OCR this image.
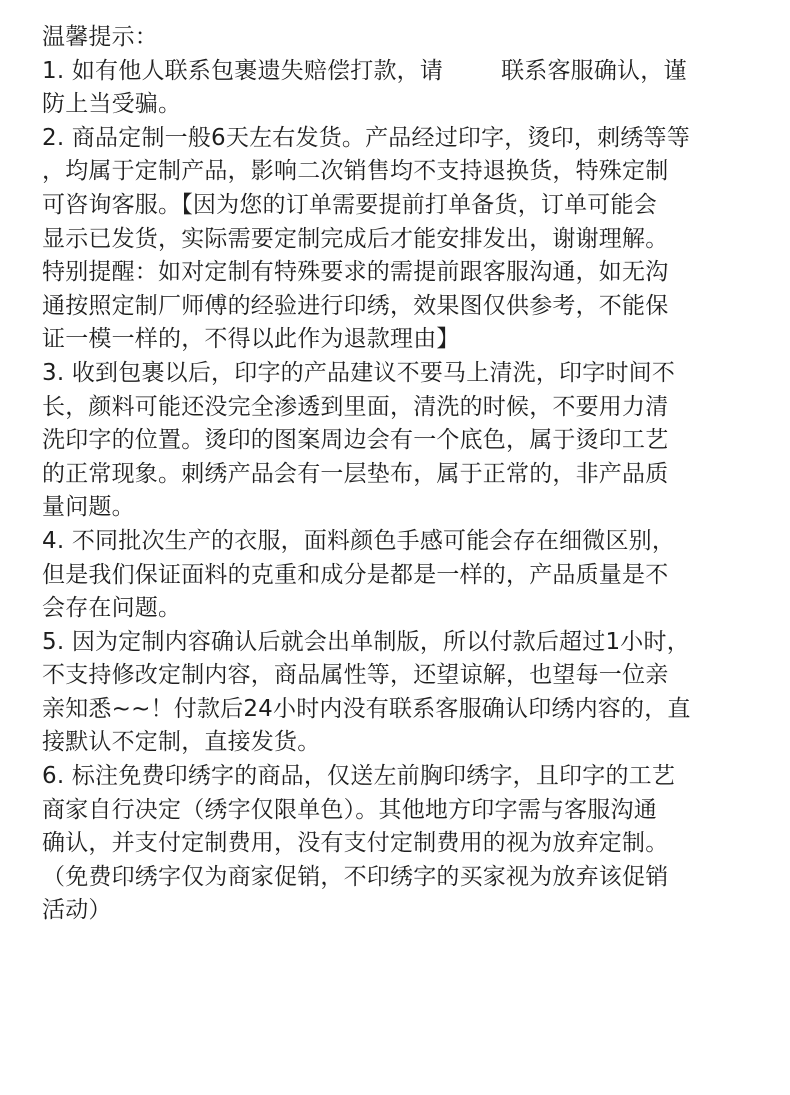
温馨提示：
1. 如有他人联系包裹遗失赔偿打款，请	联系客服确认，谨
防上当受骗。
2. 商品定制一般6天左右发货。产品经过印字，烫印，刺绣等等
，均属于定制产品，影响二次销售均不支持退换货，特殊定制
可咨询客服。【因为您的订单需要提前打单备货，订单可能会
显示已发货，实际需要定制完成后才能安排发出，谢谢理解。
特别提醒：如对定制有特殊要求的需提前跟客服沟通，如无沟
通按照定制厂师傅的经验进行印绣，效果图仅供参考，不能保
证一模一样的，不得以此作为退款理由】
3. 收到包裹以后，印字的产品建议不要马上清洗，印字时间不
长，颜料可能还没完全渗透到里面，清洗的时候，不要用力清
洗印字的位置。烫印的图案周边会有一个底色，属于烫印工艺
的正常现象。刺绣产品会有一层垫布，属于正常的，非产品质
量问题。
4. 不同批次生产的衣服，面料颜色手感可能会存在细微区别，
但是我们保证面料的克重和成分是都是一样的，产品质量是不
会存在问题。
5. 因为定制内容确认后就会出单制版，所以付款后超过1小时，
不支持修改定制内容，商品属性等，还望谅解，也望每一位亲
亲知悉~~！付款后24小时内没有联系客服确认印绣内容的，直
接默认不定制，直接发货。
6. 标注免费印绣字的商品，仅送左前胸印绣字，且印字的工艺
商家自行决定（绣字仅限单色）。其他地方印字需与客服沟通
确认，并支付定制费用，没有支付定制费用的视为放弃定制。
（免费印绣字仅为商家促销，不印绣字的买家视为放弃该促销
活动）
